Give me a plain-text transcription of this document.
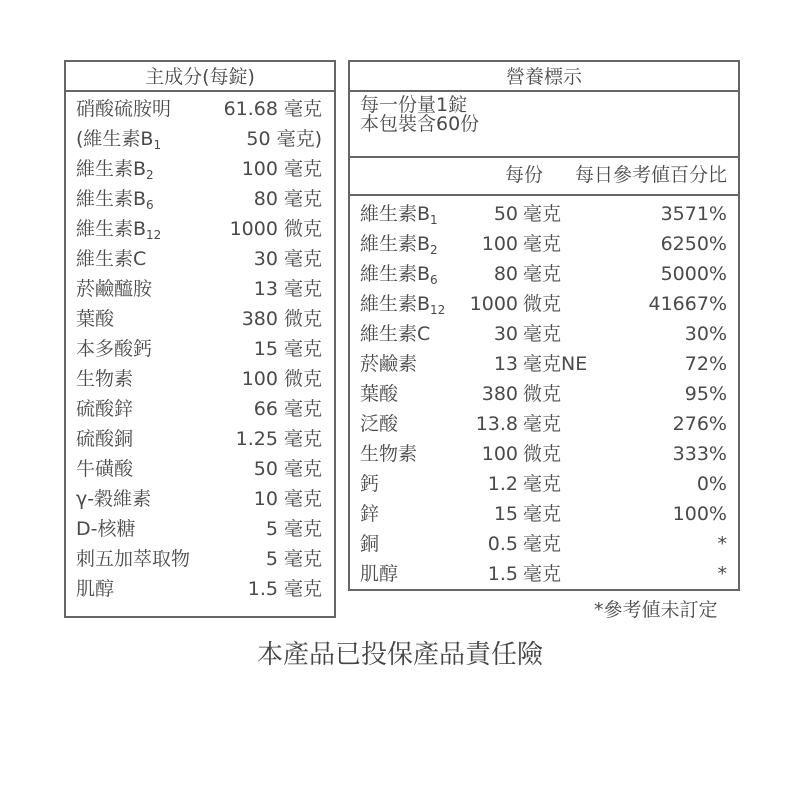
主成分(每錠)
硝酸硫胺明	61.68 毫克
(維生素$B_1$	50 毫克)
維生素$B_2$	100 毫克
維生素$B_6$	80 毫克
維生素$B_{12}$	1000 微克
維生素C	30 毫克
菸鹼醯胺	13 毫克
葉酸	380 微克
本多酸鈣	15 毫克
生物素	100 微克
硫酸鋅	66 毫克
硫酸銅	1.25 毫克
牛磺酸	50 毫克
γ-穀維素	10 毫克
D-核糖	5 毫克
刺五加萃取物	5 毫克
肌醇	1.5 毫克
營養標示
每一份量1錠
本包裝含60份
每份 每日參考値百分比
維生素$B_1$	50 毫克	3571%
維生素$B_2$	100 毫克	6250%
維生素$B_6$	80 毫克	5000%
維生素$B_{12}$	1000 微克	41667%
維生素C	30 毫克	30%
菸鹼素	13 毫克NE	72%
葉酸	380 微克	95%
泛酸	13.8 毫克	276%
生物素	100 微克	333%
鈣	1.2 毫克	0%
鋅	15 毫克	100%
銅	0.5 毫克	*
肌醇	1.5 毫克	*
*參考値未訂定
本產品已投保產品責任險
